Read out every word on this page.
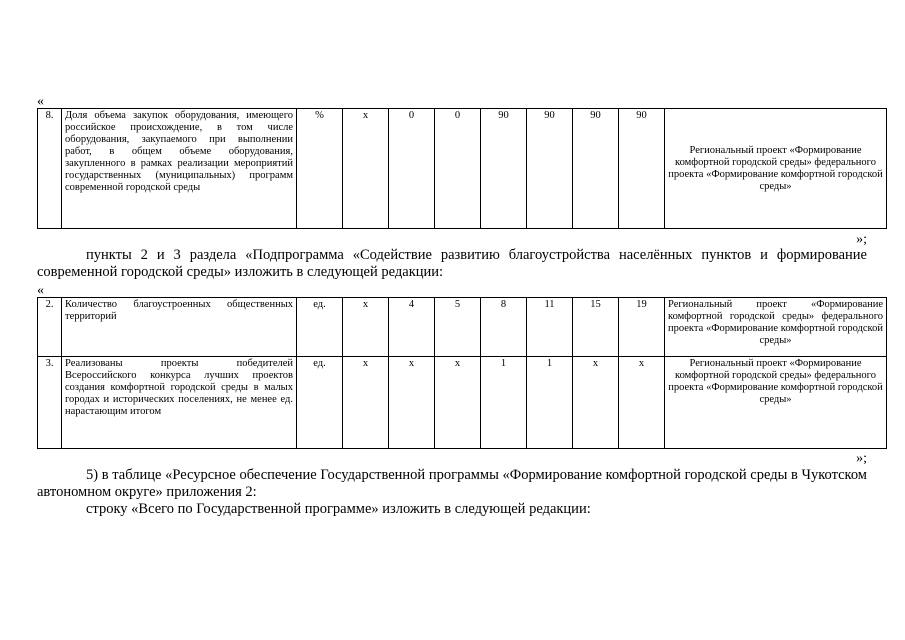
«
8.	Доля объема закупок оборудования, имеющего российское происхождение, в том числе оборудования, закупаемого при выполнении работ, в общем объеме оборудования, закупленного в рамках реализации мероприятий государственных (муниципальных) программ современной городской среды	%	х	0	0	90	90	90	90	Региональный проект «Формирование комфортной городской среды» федерального проекта «Формирование комфортной городской среды»
»;
пункты 2 и 3 раздела «Подпрограмма «Содействие развитию благоустройства населённых пунктов и формирование современной городской среды» изложить в следующей редакции:
«
2.	Количество благоустроенных общественных территорий	ед.	х	4	5	8	11	15	19	Региональный проект «Формирование комфортной городской среды» федерального проекта «Формирование комфортной городской среды»
3.	Реализованы проекты победителей Всероссийского конкурса лучших проектов создания комфортной городской среды в малых городах и исторических поселениях, не менее ед. нарастающим итогом	ед.	х	х	х	1	1	х	х	Региональный проект «Формирование комфортной городской среды» федерального проекта «Формирование комфортной городской среды»
»;
5) в таблице «Ресурсное обеспечение Государственной программы «Формирование комфортной городской среды в Чукотском автономном округе» приложения 2:
строку «Всего по Государственной программе» изложить в следующей редакции:
